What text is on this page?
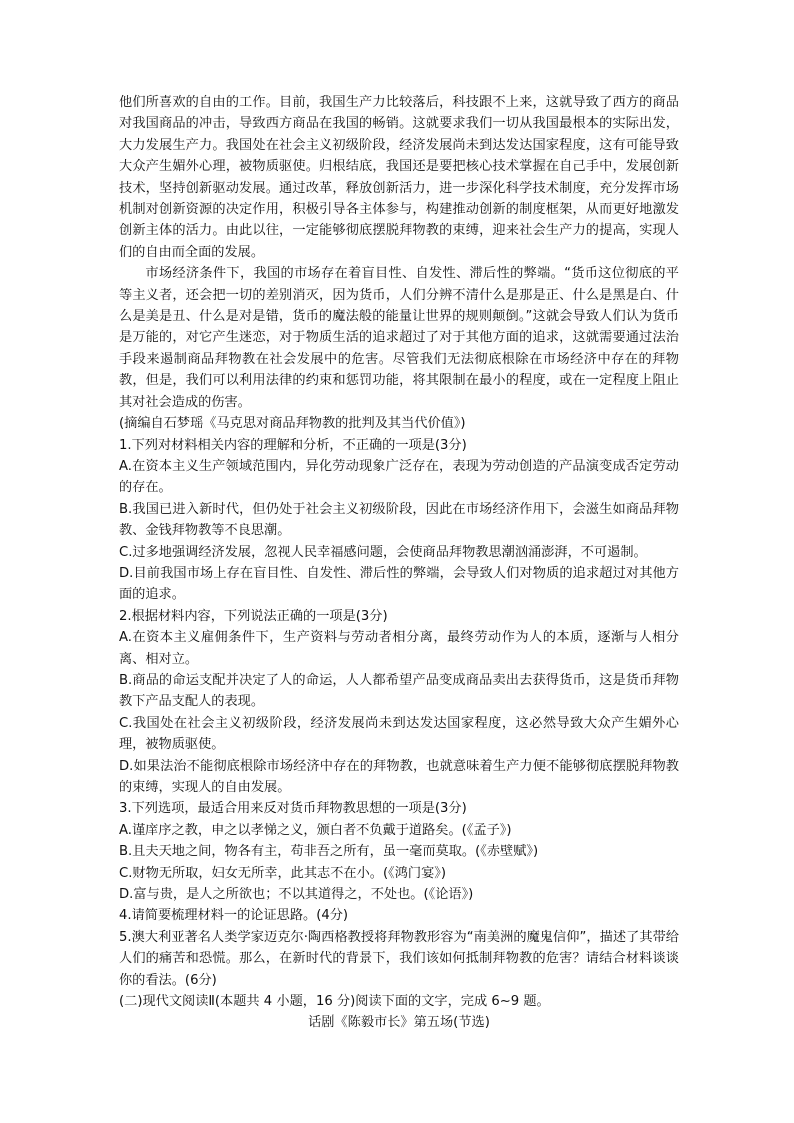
他们所喜欢的自由的工作。目前，我国生产力比较落后，科技跟不上来，这就导致了西方的商品对我国商品的冲击，导致西方商品在我国的畅销。这就要求我们一切从我国最根本的实际出发，大力发展生产力。我国处在社会主义初级阶段，经济发展尚未到达发达国家程度，这有可能导致大众产生媚外心理，被物质驱使。归根结底，我国还是要把核心技术掌握在自己手中，发展创新技术，坚持创新驱动发展。通过改革，释放创新活力，进一步深化科学技术制度，充分发挥市场机制对创新资源的决定作用，积极引导各主体参与，构建推动创新的制度框架，从而更好地激发创新主体的活力。由此以往，一定能够彻底摆脱拜物教的束缚，迎来社会生产力的提高，实现人们的自由而全面的发展。

市场经济条件下，我国的市场存在着盲目性、自发性、滞后性的弊端。“货币这位彻底的平等主义者，还会把一切的差别消灭，因为货币，人们分辨不清什么是那是正、什么是黑是白、什么是美是丑、什么是对是错，货币的魔法般的能量让世界的规则颠倒。”这就会导致人们认为货币是万能的，对它产生迷恋，对于物质生活的追求超过了对于其他方面的追求，这就需要通过法治手段来遏制商品拜物教在社会发展中的危害。尽管我们无法彻底根除在市场经济中存在的拜物教，但是，我们可以利用法律的约束和惩罚功能，将其限制在最小的程度，或在一定程度上阻止其对社会造成的伤害。

(摘编自石梦瑶《马克思对商品拜物教的批判及其当代价值》)

1.下列对材料相关内容的理解和分析，不正确的一项是(3分)

A.在资本主义生产领域范围内，异化劳动现象广泛存在，表现为劳动创造的产品演变成否定劳动的存在。

B.我国已进入新时代，但仍处于社会主义初级阶段，因此在市场经济作用下，会滋生如商品拜物教、金钱拜物教等不良思潮。

C.过多地强调经济发展，忽视人民幸福感问题，会使商品拜物教思潮汹涌澎湃，不可遏制。

D.目前我国市场上存在盲目性、自发性、滞后性的弊端，会导致人们对物质的追求超过对其他方面的追求。

2.根据材料内容，下列说法正确的一项是(3分)

A.在资本主义雇佣条件下，生产资料与劳动者相分离，最终劳动作为人的本质，逐渐与人相分离、相对立。

B.商品的命运支配并决定了人的命运，人人都希望产品变成商品卖出去获得货币，这是货币拜物教下产品支配人的表现。

C.我国处在社会主义初级阶段，经济发展尚未到达发达国家程度，这必然导致大众产生媚外心理，被物质驱使。

D.如果法治不能彻底根除市场经济中存在的拜物教，也就意味着生产力便不能够彻底摆脱拜物教的束缚，实现人的自由发展。

3.下列选项，最适合用来反对货币拜物教思想的一项是(3分)

A.谨庠序之教，申之以孝悌之义，颁白者不负戴于道路矣。(《孟子》)

B.且夫天地之间，物各有主，苟非吾之所有，虽一毫而莫取。(《赤壁赋》)

C.财物无所取，妇女无所幸，此其志不在小。(《鸿门宴》)

D.富与贵，是人之所欲也；不以其道得之，不处也。(《论语》)

4.请简要梳理材料一的论证思路。(4分)

5.澳大利亚著名人类学家迈克尔·陶西格教授将拜物教形容为“南美洲的魔鬼信仰”，描述了其带给人们的痛苦和恐慌。那么，在新时代的背景下，我们该如何抵制拜物教的危害？请结合材料谈谈你的看法。(6分)

(二)现代文阅读Ⅱ(本题共 4 小题，16 分)阅读下面的文字，完成 6~9 题。

话剧《陈毅市长》第五场(节选)
